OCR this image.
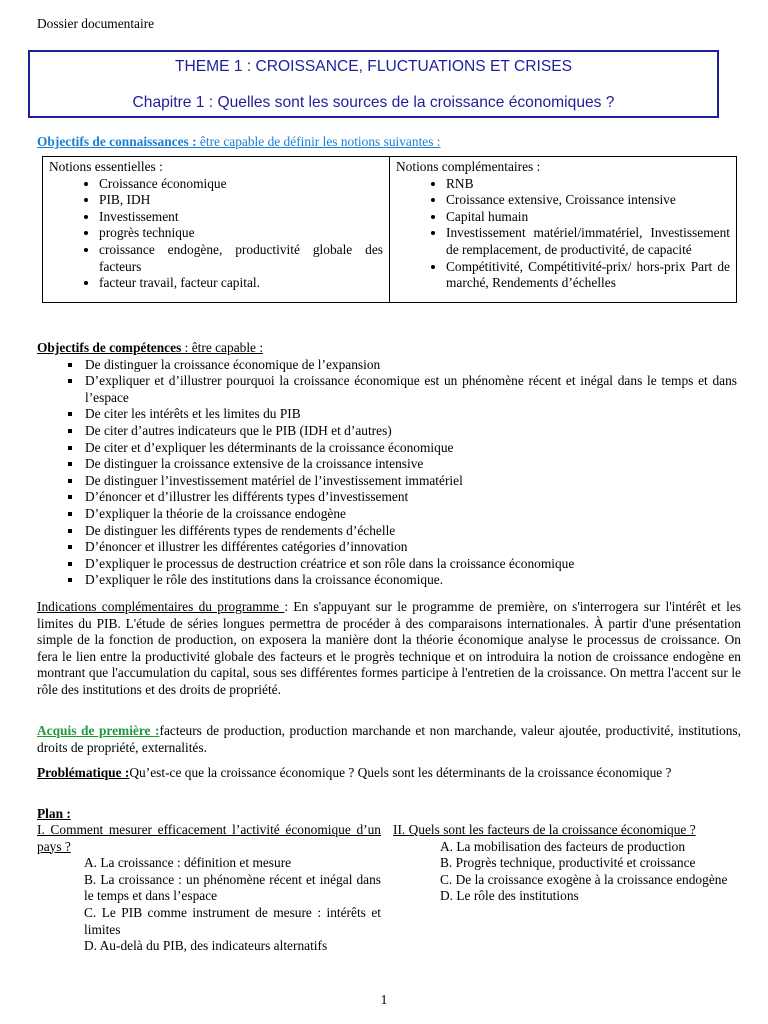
Dossier documentaire
THEME 1 : CROISSANCE, FLUCTUATIONS ET CRISES
Chapitre 1 : Quelles sont les sources de la croissance économiques ?
Objectifs de connaissances : être capable de définir les notions suivantes :
Notions essentielles :
• Croissance économique
• PIB, IDH
• Investissement
• progrès technique
• croissance endogène, productivité globale des facteurs
• facteur travail, facteur capital.

Notions complémentaires :
• RNB
• Croissance extensive, Croissance intensive
• Capital humain
• Investissement matériel/immatériel, Investissement de remplacement, de productivité, de capacité
• Compétitivité, Compétitivité-prix/ hors-prix Part de marché, Rendements d’échelles
Objectifs de compétences : être capable :
▪ De distinguer la croissance économique de l’expansion
▪ D’expliquer et d’illustrer pourquoi la croissance économique est un phénomène récent et inégal dans le temps et dans l’espace
▪ De citer les intérêts et les limites du PIB
▪ De citer d’autres indicateurs que le PIB (IDH et d’autres)
▪ De citer et d’expliquer les déterminants de la croissance économique
▪ De distinguer la croissance extensive de la croissance intensive
▪ De distinguer l’investissement matériel de l’investissement immatériel
▪ D’énoncer et d’illustrer les différents types d’investissement
▪ D’expliquer la théorie de la croissance endogène
▪ De distinguer les différents types de rendements d’échelle
▪ D’énoncer et illustrer les différentes catégories d’innovation
▪ D’expliquer le processus de destruction créatrice et son rôle dans la croissance économique
▪ D’expliquer le rôle des institutions dans la croissance économique.
Indications complémentaires du programme : En s'appuyant sur le programme de première, on s'interrogera sur l'intérêt et les limites du PIB. L'étude de séries longues permettra de procéder à des comparaisons internationales. À partir d'une présentation simple de la fonction de production, on exposera la manière dont la théorie économique analyse le processus de croissance. On fera le lien entre la productivité globale des facteurs et le progrès technique et on introduira la notion de croissance endogène en montrant que l'accumulation du capital, sous ses différentes formes participe à l'entretien de la croissance. On mettra l'accent sur le rôle des institutions et des droits de propriété.
Acquis de première :facteurs de production, production marchande et non marchande, valeur ajoutée, productivité, institutions, droits de propriété, externalités.
Problématique :Qu’est-ce que la croissance économique ? Quels sont les déterminants de la croissance économique ?
Plan :
I. Comment mesurer efficacement l’activité économique d’un pays ?
A. La croissance : définition et mesure
B. La croissance : un phénomène récent et inégal dans le temps et dans l’espace
C. Le PIB comme instrument de mesure : intérêts et limites
D. Au-delà du PIB, des indicateurs alternatifs
II. Quels sont les facteurs de la croissance économique ?
A. La mobilisation des facteurs de production
B. Progrès technique, productivité et croissance
C. De la croissance exogène à la croissance endogène
D. Le rôle des institutions
1
